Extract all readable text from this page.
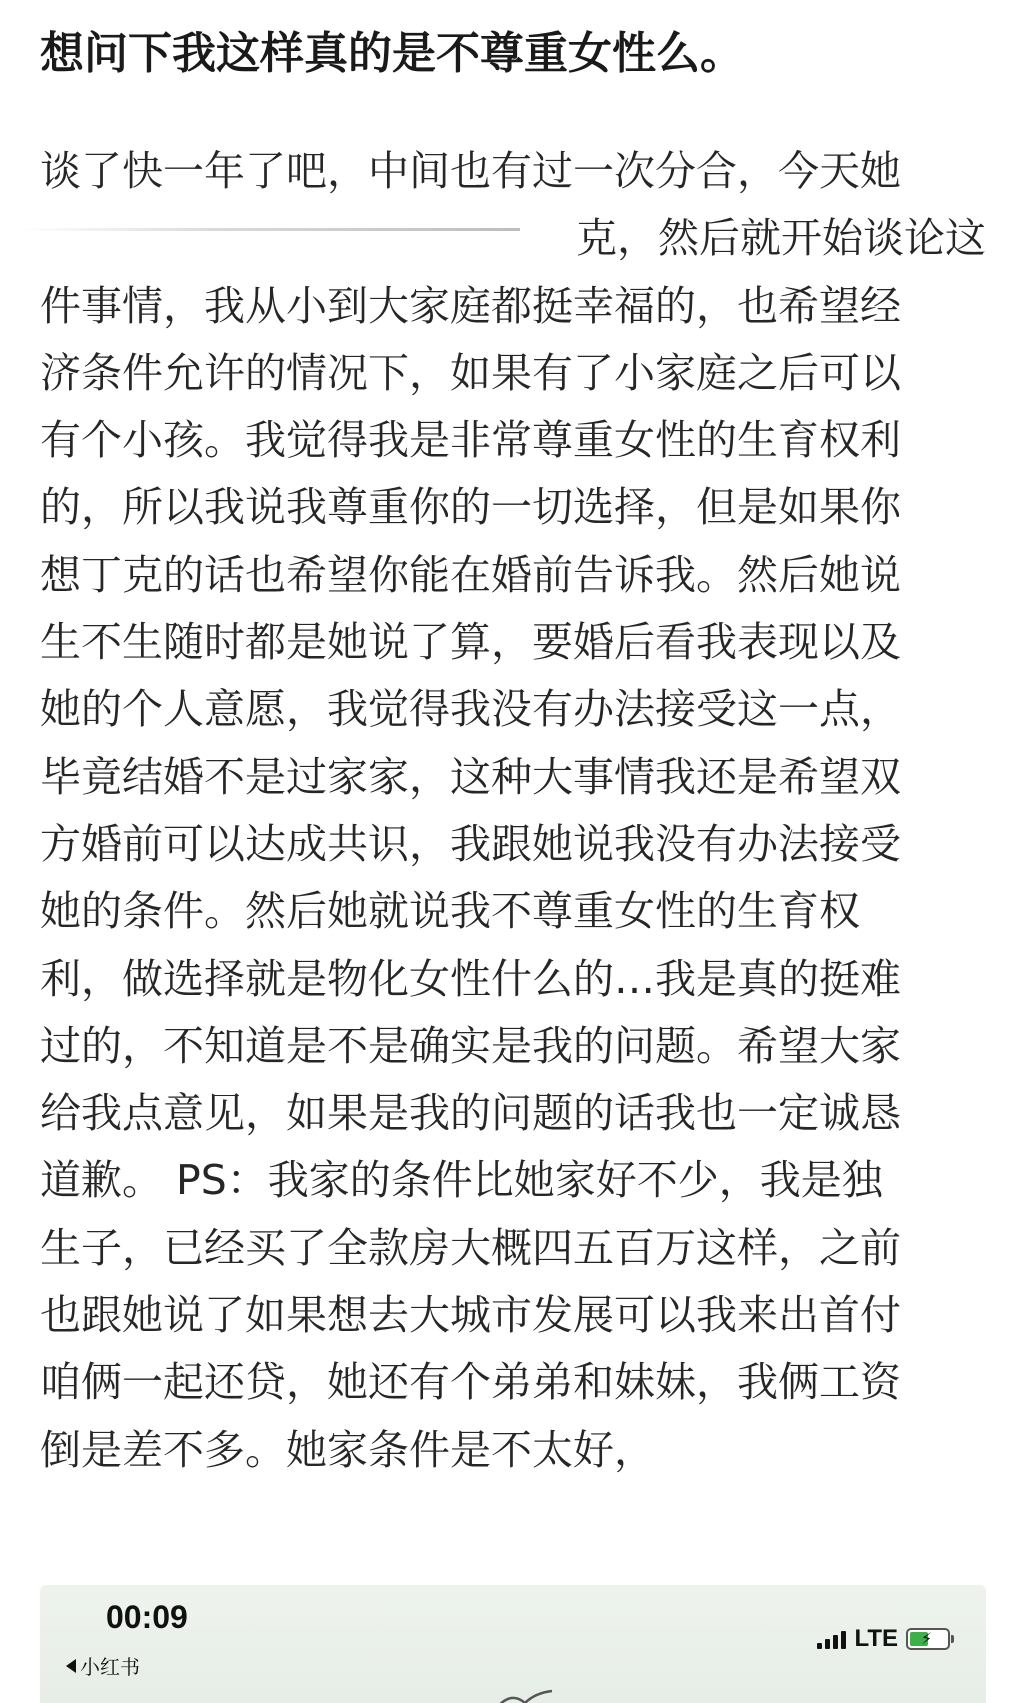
想问下我这样真的是不尊重女性么。
谈了快一年了吧，中间也有过一次分合，今天她
克，然后就开始谈论这
件事情，我从小到大家庭都挺幸福的，也希望经
济条件允许的情况下，如果有了小家庭之后可以
有个小孩。我觉得我是非常尊重女性的生育权利
的，所以我说我尊重你的一切选择，但是如果你
想丁克的话也希望你能在婚前告诉我。然后她说
生不生随时都是她说了算，要婚后看我表现以及
她的个人意愿，我觉得我没有办法接受这一点，
毕竟结婚不是过家家，这种大事情我还是希望双
方婚前可以达成共识，我跟她说我没有办法接受
她的条件。然后她就说我不尊重女性的生育权
利，做选择就是物化女性什么的…我是真的挺难
过的，不知道是不是确实是我的问题。希望大家
给我点意见，如果是我的问题的话我也一定诚恳
道歉。 PS：我家的条件比她家好不少，我是独
生子，已经买了全款房大概四五百万这样，之前
也跟她说了如果想去大城市发展可以我来出首付
咱俩一起还贷，她还有个弟弟和妹妹，我俩工资
倒是差不多。她家条件是不太好，
00:09
小红书
LTE ⚡
